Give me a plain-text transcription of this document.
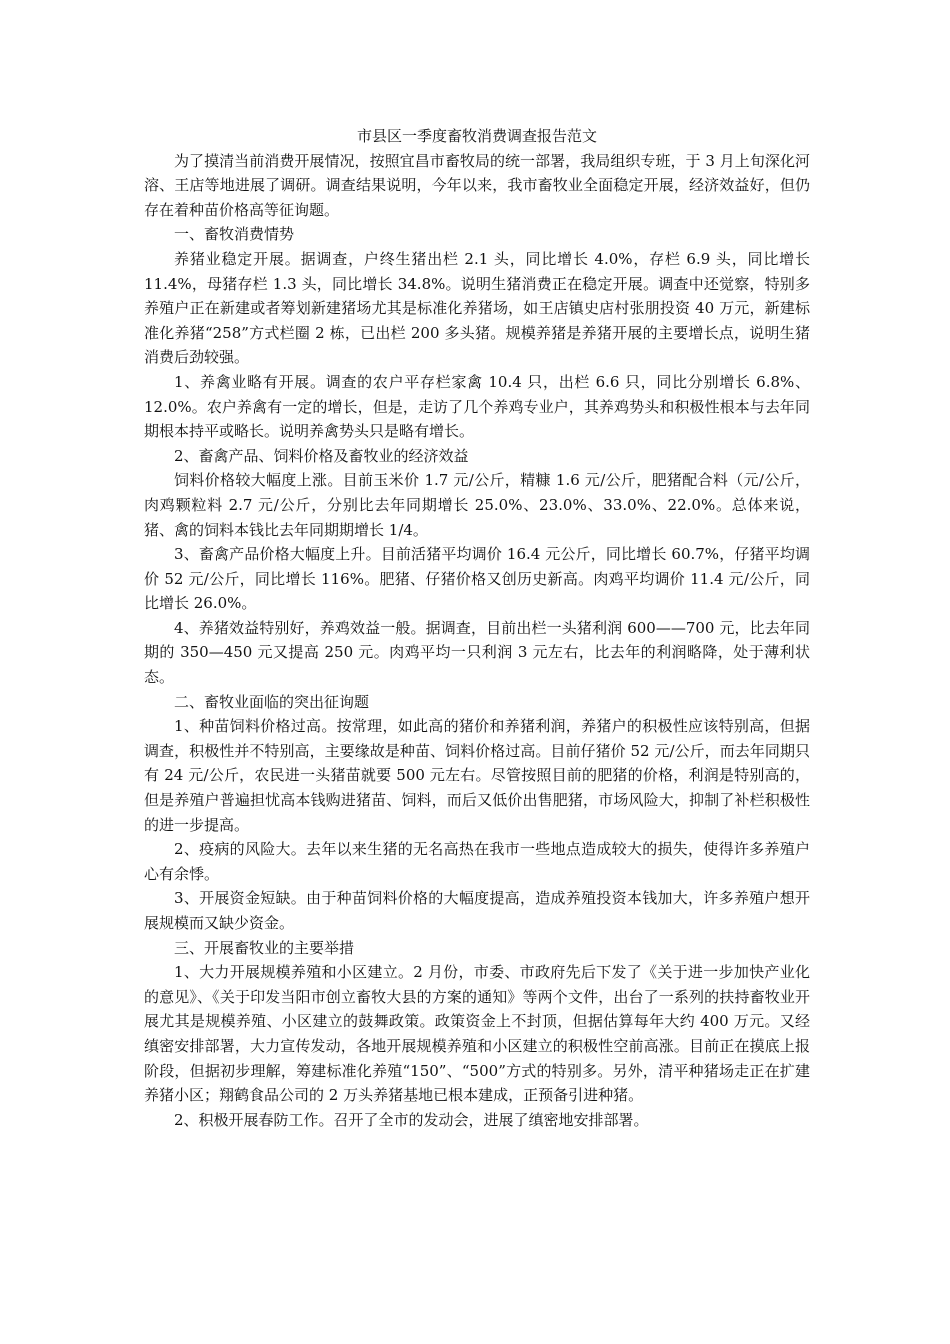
市县区一季度畜牧消费调查报告范文

为了摸清当前消费开展情况，按照宜昌市畜牧局的统一部署，我局组织专班，于 3 月上旬深化河溶、王店等地进展了调研。调查结果说明，今年以来，我市畜牧业全面稳定开展，经济效益好，但仍存在着种苗价格高等征询题。

一、畜牧消费情势

养猪业稳定开展。据调查，户终生猪出栏 2.1 头，同比增长 4.0%，存栏 6.9 头，同比增长 11.4%，母猪存栏 1.3 头，同比增长 34.8%。说明生猪消费正在稳定开展。调查中还觉察，特别多养殖户正在新建或者筹划新建猪场尤其是标准化养猪场，如王店镇史店村张朋投资 40 万元，新建标准化养猪“258”方式栏圈 2 栋，已出栏 200 多头猪。规模养猪是养猪开展的主要增长点，说明生猪消费后劲较强。

1、养禽业略有开展。调查的农户平存栏家禽 10.4 只，出栏 6.6 只，同比分别增长 6.8%、12.0%。农户养禽有一定的增长，但是，走访了几个养鸡专业户，其养鸡势头和积极性根本与去年同期根本持平或略长。说明养禽势头只是略有增长。

2、畜禽产品、饲料价格及畜牧业的经济效益

饲料价格较大幅度上涨。目前玉米价 1.7 元/公斤，精糠 1.6 元/公斤，肥猪配合料（元/公斤，肉鸡颗粒料 2.7 元/公斤，分别比去年同期增长 25.0%、23.0%、33.0%、22.0%。总体来说，猪、禽的饲料本钱比去年同期期增长 1/4。

3、畜禽产品价格大幅度上升。目前活猪平均调价 16.4 元公斤，同比增长 60.7%，仔猪平均调价 52 元/公斤，同比增长 116%。肥猪、仔猪价格又创历史新高。肉鸡平均调价 11.4 元/公斤，同比增长 26.0%。

4、养猪效益特别好，养鸡效益一般。据调查，目前出栏一头猪利润 600——700 元，比去年同期的 350—450 元又提高 250 元。肉鸡平均一只利润 3 元左右，比去年的利润略降，处于薄利状态。

二、畜牧业面临的突出征询题

1、种苗饲料价格过高。按常理，如此高的猪价和养猪利润，养猪户的积极性应该特别高，但据调查，积极性并不特别高，主要缘故是种苗、饲料价格过高。目前仔猪价 52 元/公斤，而去年同期只有 24 元/公斤，农民进一头猪苗就要 500 元左右。尽管按照目前的肥猪的价格，利润是特别高的，但是养殖户普遍担忧高本钱购进猪苗、饲料，而后又低价出售肥猪，市场风险大，抑制了补栏积极性的进一步提高。

2、疫病的风险大。去年以来生猪的无名高热在我市一些地点造成较大的损失，使得许多养殖户心有余悸。

3、开展资金短缺。由于种苗饲料价格的大幅度提高，造成养殖投资本钱加大，许多养殖户想开展规模而又缺少资金。

三、开展畜牧业的主要举措

1、大力开展规模养殖和小区建立。2 月份，市委、市政府先后下发了《关于进一步加快产业化的意见》、《关于印发当阳市创立畜牧大县的方案的通知》等两个文件，出台了一系列的扶持畜牧业开展尤其是规模养殖、小区建立的鼓舞政策。政策资金上不封顶，但据估算每年大约 400 万元。又经缜密安排部署，大力宣传发动，各地开展规模养殖和小区建立的积极性空前高涨。目前正在摸底上报阶段，但据初步理解，筹建标准化养殖“150”、“500”方式的特别多。另外，清平种猪场走正在扩建养猪小区；翔鹤食品公司的 2 万头养猪基地已根本建成，正预备引进种猪。

2、积极开展春防工作。召开了全市的发动会，进展了缜密地安排部署。
